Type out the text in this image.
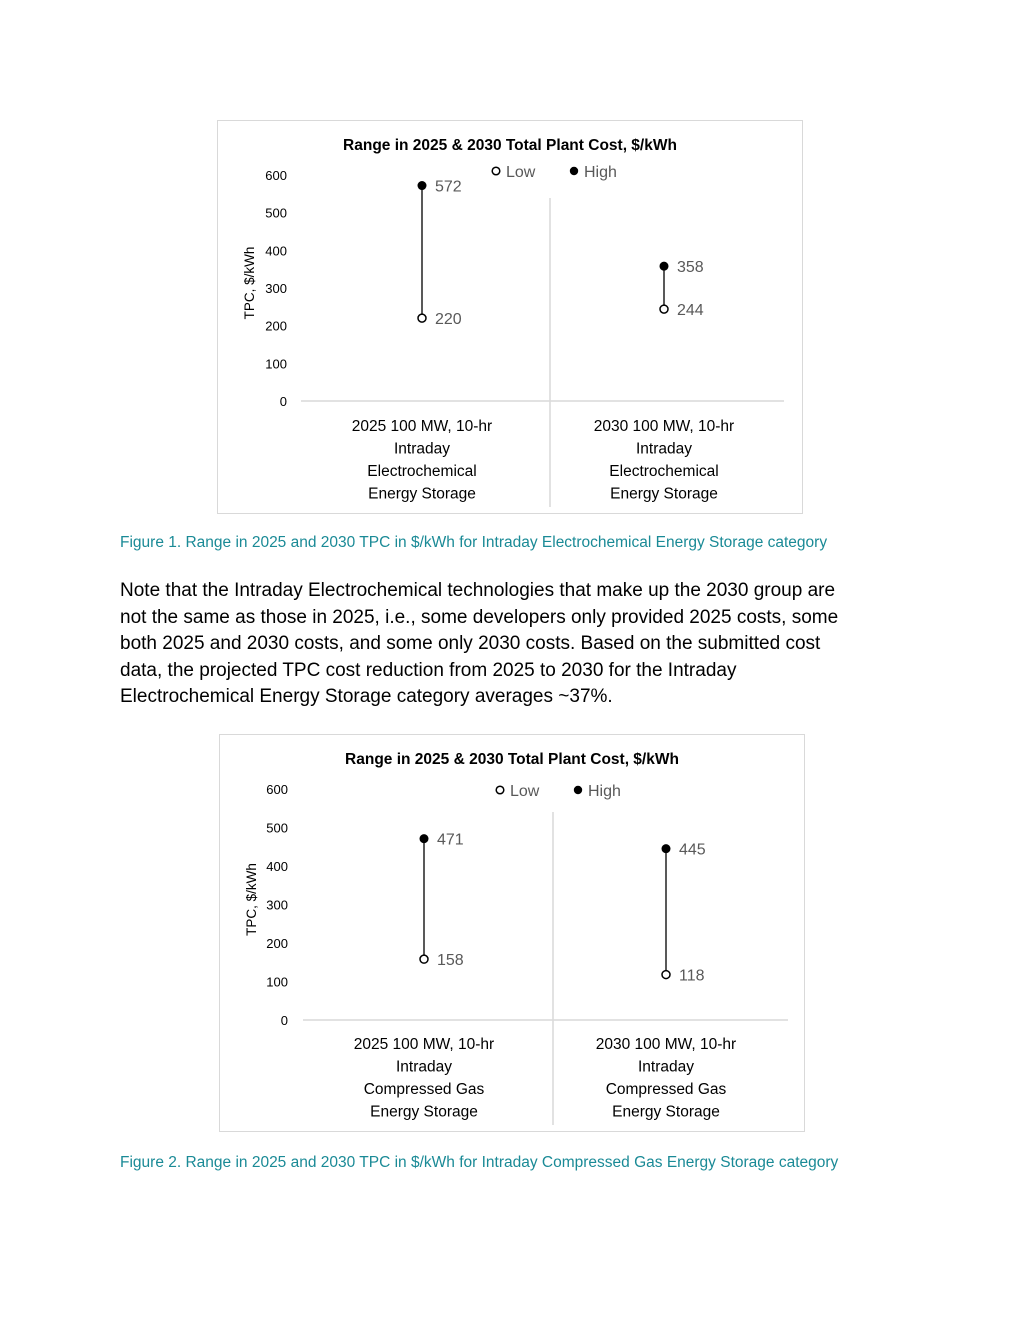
Range in 2025 & 2030 Total Plant Cost, $/kWh
TPC, $/kWh
0
100
200
300
400
500
600	Low	High
220
572
2025 100 MW, 10-hr
Intraday
Electrochemical
Energy Storage
244
358
2030 100 MW, 10-hr
Intraday
Electrochemical
Energy Storage
Figure 1. Range in 2025 and 2030 TPC in $/kWh for Intraday Electrochemical Energy Storage category
Note that the Intraday Electrochemical technologies that make up the 2030 group are
not the same as those in 2025, i.e., some developers only provided 2025 costs, some
both 2025 and 2030 costs, and some only 2030 costs. Based on the submitted cost
data, the projected TPC cost reduction from 2025 to 2030 for the Intraday
Electrochemical Energy Storage category averages ~37%.
Range in 2025 & 2030 Total Plant Cost, $/kWh
TPC, $/kWh
0
100
200
300
400
500
600	Low	High
158
471
2025 100 MW, 10-hr
Intraday
Compressed Gas
Energy Storage
118
445
2030 100 MW, 10-hr
Intraday
Compressed Gas
Energy Storage
Figure 2. Range in 2025 and 2030 TPC in $/kWh for Intraday Compressed Gas Energy Storage category
